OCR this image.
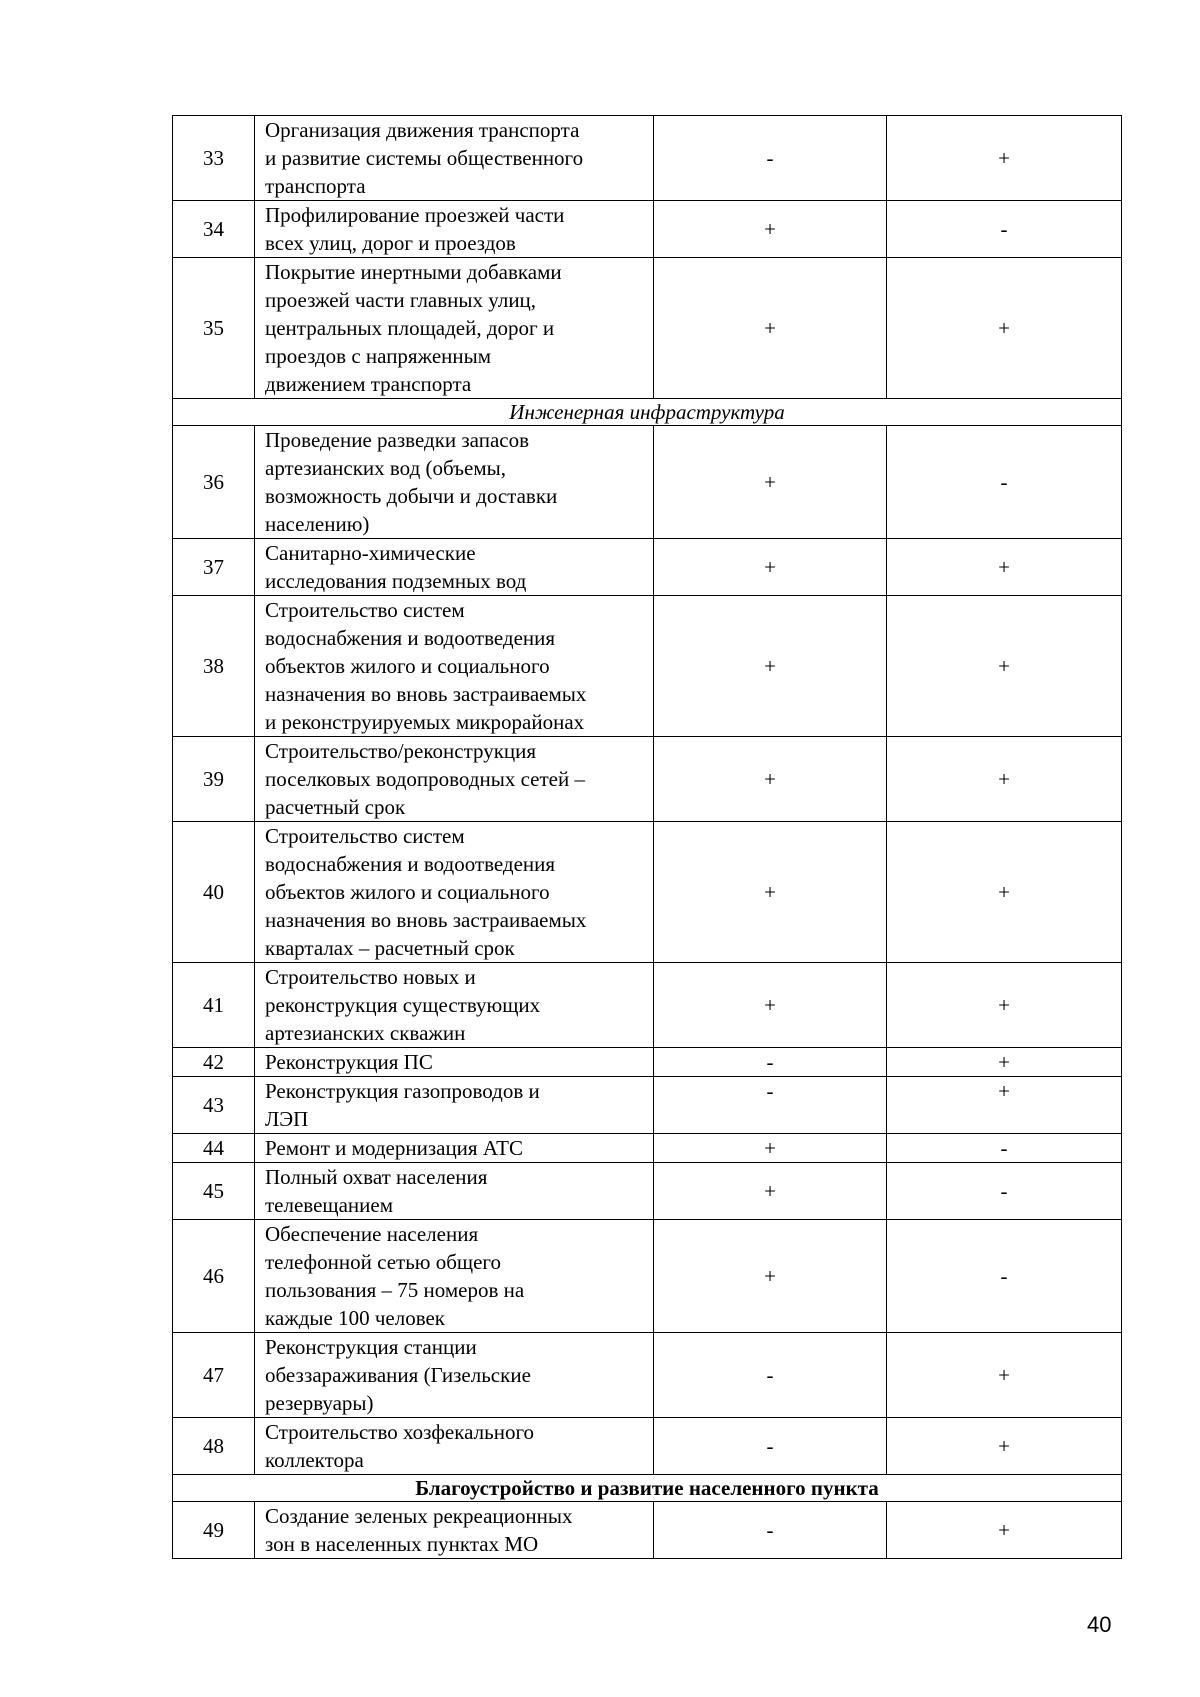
33	Организация движения транспорта
и развитие системы общественного
транспорта	-	+
34	Профилирование проезжей части
всех улиц, дорог и проездов	+	-
35	Покрытие инертными добавками
проезжей части главных улиц,
центральных площадей, дорог и
проездов с напряженным
движением транспорта	+	+
Инженерная инфраструктура			
36	Проведение разведки запасов
артезианских вод (объемы,
возможность добычи и доставки
населению)	+	-
37	Санитарно-химические
исследования подземных вод	+	+
38	Строительство систем
водоснабжения и водоотведения
объектов жилого и социального
назначения во вновь застраиваемых
и реконструируемых микрорайонах	+	+
39	Строительство/реконструкция
поселковых водопроводных сетей –
расчетный срок	+	+
40	Строительство систем
водоснабжения и водоотведения
объектов жилого и социального
назначения во вновь застраиваемых
кварталах – расчетный срок	+	+
41	Строительство новых и
реконструкция существующих
артезианских скважин	+	+
42	Реконструкция ПС	-	+
43	Реконструкция газопроводов и
ЛЭП	-	+
44	Ремонт и модернизация АТС	+	-
45	Полный охват населения
телевещанием	+	-
46	Обеспечение населения
телефонной сетью общего
пользования – 75 номеров на
каждые 100 человек	+	-
47	Реконструкция станции
обеззараживания (Гизельские
резервуары)	-	+
48	Строительство хозфекального
коллектора	-	+
Благоустройство и развитие населенного пункта			
49	Создание зеленых рекреационных
зон в населенных пунктах МО	-	+
40
